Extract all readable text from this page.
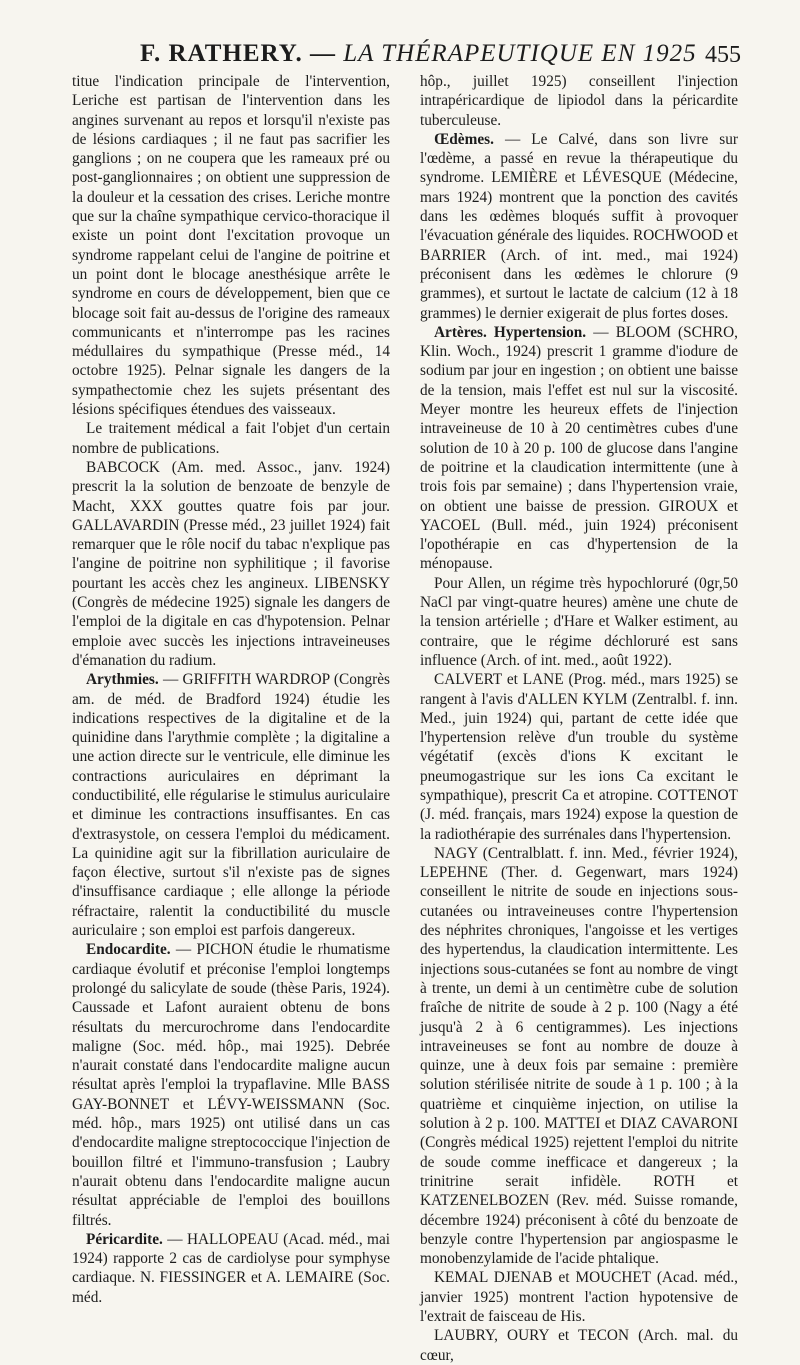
F. RATHERY. — LA THÉRAPEUTIQUE EN 1925 455

titue l'indication principale de l'intervention, Leriche est partisan de l'intervention dans les angines survenant au repos et lorsqu'il n'existe pas de lésions cardiaques ; il ne faut pas sacrifier les ganglions ; on ne coupera que les rameaux pré ou post-ganglionnaires ; on obtient une suppression de la douleur et la cessation des crises. Leriche montre que sur la chaîne sympathique cervico-thoracique il existe un point dont l'excitation provoque un syndrome rappelant celui de l'angine de poitrine et un point dont le blocage anesthésique arrête le syndrome en cours de développement, bien que ce blocage soit fait au-dessus de l'origine des rameaux communicants et n'interrompe pas les racines médullaires du sympathique (Presse méd., 14 octobre 1925). Pelnar signale les dangers de la sympathectomie chez les sujets présentant des lésions spécifiques étendues des vaisseaux.

Le traitement médical a fait l'objet d'un certain nombre de publications.

BABCOCK (Am. med. Assoc., janv. 1924) prescrit la la solution de benzoate de benzyle de Macht, XXX gouttes quatre fois par jour. GALLAVARDIN (Presse méd., 23 juillet 1924) fait remarquer que le rôle nocif du tabac n'explique pas l'angine de poitrine non syphilitique ; il favorise pourtant les accès chez les angineux. LIBENSKY (Congrès de médecine 1925) signale les dangers de l'emploi de la digitale en cas d'hypotension. Pelnar emploie avec succès les injections intraveineuses d'émanation du radium.

Arythmies. — GRIFFITH WARDROP (Congrès am. de méd. de Bradford 1924) étudie les indications respectives de la digitaline et de la quinidine dans l'arythmie complète ; la digitaline a une action directe sur le ventricule, elle diminue les contractions auriculaires en déprimant la conductibilité, elle régularise le stimulus auriculaire et diminue les contractions insuffisantes. En cas d'extrasystole, on cessera l'emploi du médicament. La quinidine agit sur la fibrillation auriculaire de façon élective, surtout s'il n'existe pas de signes d'insuffisance cardiaque ; elle allonge la période réfractaire, ralentit la conductibilité du muscle auriculaire ; son emploi est parfois dangereux.

Endocardite. — PICHON étudie le rhumatisme cardiaque évolutif et préconise l'emploi longtemps prolongé du salicylate de soude (thèse Paris, 1924). Caussade et Lafont auraient obtenu de bons résultats du mercurochrome dans l'endocardite maligne (Soc. méd. hôp., mai 1925). Debrée n'aurait constaté dans l'endocardite maligne aucun résultat après l'emploi la trypaflavine. Mlle BASS GAY-BONNET et LÉVY-WEISSMANN (Soc. méd. hôp., mars 1925) ont utilisé dans un cas d'endocardite maligne streptococcique l'injection de bouillon filtré et l'immuno-transfusion ; Laubry n'aurait obtenu dans l'endocardite maligne aucun résultat appréciable de l'emploi des bouillons filtrés.

Péricardite. — HALLOPEAU (Acad. méd., mai 1924) rapporte 2 cas de cardiolyse pour symphyse cardiaque. N. FIESSINGER et A. LEMAIRE (Soc. méd.

hôp., juillet 1925) conseillent l'injection intrapéricardique de lipiodol dans la péricardite tuberculeuse.

Œdèmes. — Le Calvé, dans son livre sur l'œdème, a passé en revue la thérapeutique du syndrome. LEMIÈRE et LÉVESQUE (Médecine, mars 1924) montrent que la ponction des cavités dans les œdèmes bloqués suffit à provoquer l'évacuation générale des liquides. ROCHWOOD et BARRIER (Arch. of int. med., mai 1924) préconisent dans les œdèmes le chlorure (9 grammes), et surtout le lactate de calcium (12 à 18 grammes) le dernier exigerait de plus fortes doses.

Artères. Hypertension. — BLOOM (SCHRO, Klin. Woch., 1924) prescrit 1 gramme d'iodure de sodium par jour en ingestion ; on obtient une baisse de la tension, mais l'effet est nul sur la viscosité. Meyer montre les heureux effets de l'injection intraveineuse de 10 à 20 centimètres cubes d'une solution de 10 à 20 p. 100 de glucose dans l'angine de poitrine et la claudication intermittente (une à trois fois par semaine) ; dans l'hypertension vraie, on obtient une baisse de pression. GIROUX et YACOEL (Bull. méd., juin 1924) préconisent l'opothérapie en cas d'hypertension de la ménopause.

Pour Allen, un régime très hypochloruré (0gr,50 NaCl par vingt-quatre heures) amène une chute de la tension artérielle ; d'Hare et Walker estiment, au contraire, que le régime déchloruré est sans influence (Arch. of int. med., août 1922).

CALVERT et LANE (Prog. méd., mars 1925) se rangent à l'avis d'ALLEN KYLM (Zentralbl. f. inn. Med., juin 1924) qui, partant de cette idée que l'hypertension relève d'un trouble du système végétatif (excès d'ions K excitant le pneumogastrique sur les ions Ca excitant le sympathique), prescrit Ca et atropine. COTTENOT (J. méd. français, mars 1924) expose la question de la radiothérapie des surrénales dans l'hypertension.

NAGY (Centralblatt. f. inn. Med., février 1924), LEPEHNE (Ther. d. Gegenwart, mars 1924) conseillent le nitrite de soude en injections sous-cutanées ou intraveineuses contre l'hypertension des néphrites chroniques, l'angoisse et les vertiges des hypertendus, la claudication intermittente. Les injections sous-cutanées se font au nombre de vingt à trente, un demi à un centimètre cube de solution fraîche de nitrite de soude à 2 p. 100 (Nagy a été jusqu'à 2 à 6 centigrammes). Les injections intraveineuses se font au nombre de douze à quinze, une à deux fois par semaine : première solution stérilisée nitrite de soude à 1 p. 100 ; à la quatrième et cinquième injection, on utilise la solution à 2 p. 100. MATTEI et DIAZ CAVARONI (Congrès médical 1925) rejettent l'emploi du nitrite de soude comme inefficace et dangereux ; la trinitrine serait infidèle. ROTH et KATZENELBOZEN (Rev. méd. Suisse romande, décembre 1924) préconisent à côté du benzoate de benzyle contre l'hypertension par angiospasme le monobenzylamide de l'acide phtalique.

KEMAL DJENAB et MOUCHET (Acad. méd., janvier 1925) montrent l'action hypotensive de l'extrait de faisceau de His.

LAUBRY, OURY et TECON (Arch. mal. du cœur,
